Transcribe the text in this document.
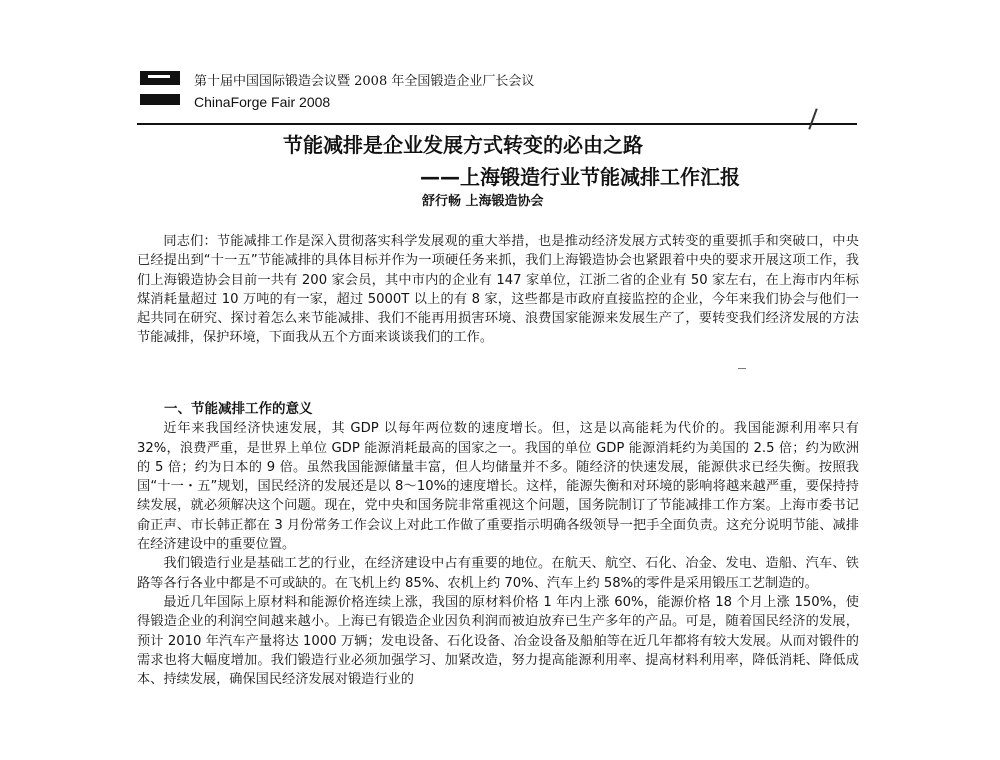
第十届中国国际锻造会议暨 2008 年全国锻造企业厂长会议
ChinaForge Fair 2008
节能减排是企业发展方式转变的必由之路
——上海锻造行业节能减排工作汇报
舒行畅 上海锻造协会

同志们：节能减排工作是深入贯彻落实科学发展观的重大举措，也是推动经济发展方式转变的重要抓手和突破口，中央已经提出到“十一五”节能减排的具体目标并作为一项硬任务来抓，我们上海锻造协会也紧跟着中央的要求开展这项工作，我们上海锻造协会目前一共有 200 家会员，其中市内的企业有 147 家单位，江浙二省的企业有 50 家左右，在上海市内年标煤消耗量超过 10 万吨的有一家，超过 5000T 以上的有 8 家，这些都是市政府直接监控的企业，今年来我们协会与他们一起共同在研究、探讨着怎么来节能减排、我们不能再用损害环境、浪费国家能源来发展生产了，要转变我们经济发展的方法节能减排，保护环境，下面我从五个方面来谈谈我们的工作。

一、节能减排工作的意义

近年来我国经济快速发展，其 GDP 以每年两位数的速度增长。但，这是以高能耗为代价的。我国能源利用率只有 32%，浪费严重，是世界上单位 GDP 能源消耗最高的国家之一。我国的单位 GDP 能源消耗约为美国的 2.5 倍；约为欧洲的 5 倍；约为日本的 9 倍。虽然我国能源储量丰富，但人均储量并不多。随经济的快速发展，能源供求已经失衡。按照我国“十一・五”规划，国民经济的发展还是以 8～10%的速度增长。这样，能源失衡和对环境的影响将越来越严重，要保持持续发展，就必须解决这个问题。现在，党中央和国务院非常重视这个问题，国务院制订了节能减排工作方案。上海市委书记俞正声、市长韩正都在 3 月份常务工作会议上对此工作做了重要指示明确各级领导一把手全面负责。这充分说明节能、减排在经济建设中的重要位置。

我们锻造行业是基础工艺的行业，在经济建设中占有重要的地位。在航天、航空、石化、冶金、发电、造船、汽车、铁路等各行各业中都是不可或缺的。在飞机上约 85%、农机上约 70%、汽车上约 58%的零件是采用锻压工艺制造的。

最近几年国际上原材料和能源价格连续上涨，我国的原材料价格 1 年内上涨 60%，能源价格 18 个月上涨 150%，使得锻造企业的利润空间越来越小。上海已有锻造企业因负利润而被迫放弃已生产多年的产品。可是，随着国民经济的发展，预计 2010 年汽车产量将达 1000 万辆；发电设备、石化设备、冶金设备及船舶等在近几年都将有较大发展。从而对锻件的需求也将大幅度增加。我们锻造行业必须加强学习、加紧改造，努力提高能源利用率、提高材料利用率，降低消耗、降低成本、持续发展，确保国民经济发展对锻造行业的
